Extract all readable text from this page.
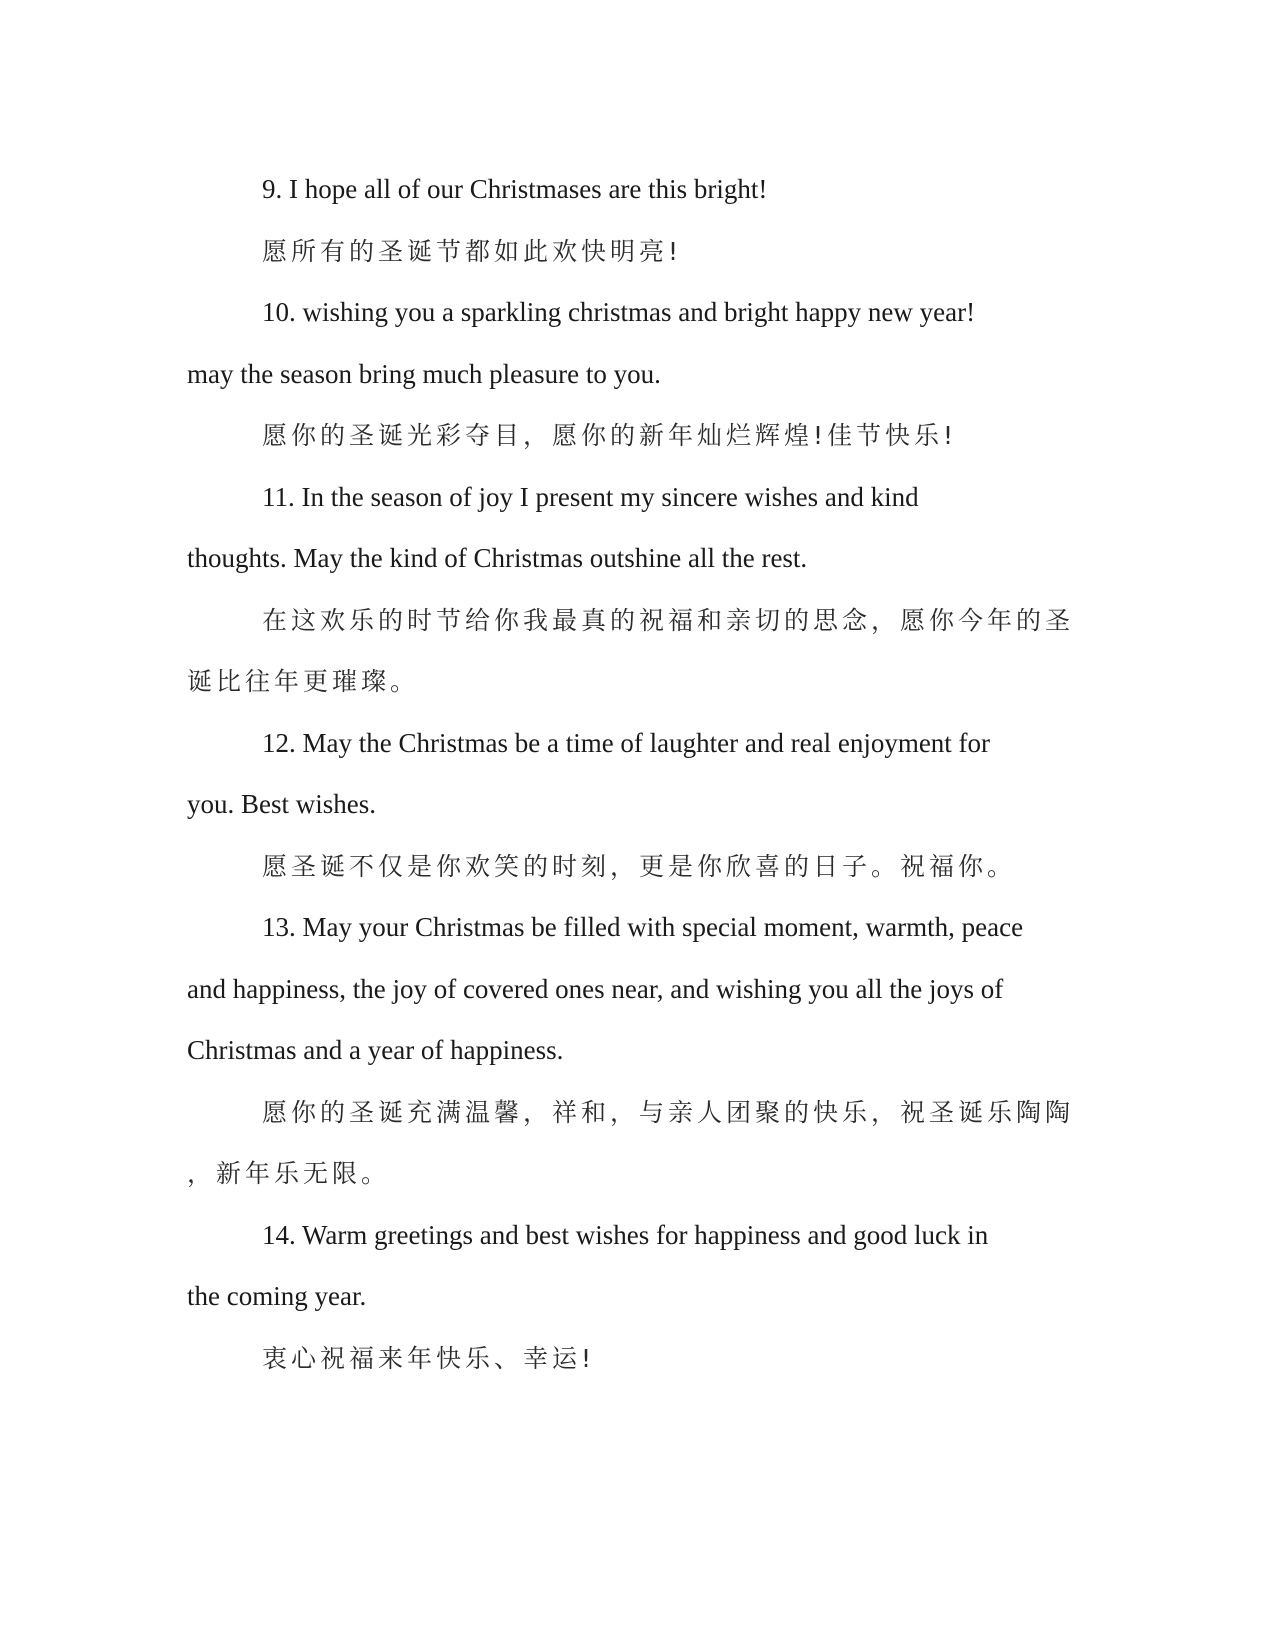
9. I hope all of our Christmases are this bright!

愿所有的圣诞节都如此欢快明亮!

10. wishing you a sparkling christmas and bright happy new year!
may the season bring much pleasure to you.

愿你的圣诞光彩夺目，愿你的新年灿烂辉煌!佳节快乐!

11. In the season of joy I present my sincere wishes and kind
thoughts. May the kind of Christmas outshine all the rest.

在这欢乐的时节给你我最真的祝福和亲切的思念，愿你今年的圣
诞比往年更璀璨。

12. May the Christmas be a time of laughter and real enjoyment for
you. Best wishes.

愿圣诞不仅是你欢笑的时刻，更是你欣喜的日子。祝福你。

13. May your Christmas be filled with special moment, warmth, peace
and happiness, the joy of covered ones near, and wishing you all the joys of
Christmas and a year of happiness.

愿你的圣诞充满温馨，祥和，与亲人团聚的快乐，祝圣诞乐陶陶
，新年乐无限。

14. Warm greetings and best wishes for happiness and good luck in
the coming year.

衷心祝福来年快乐、幸运!
